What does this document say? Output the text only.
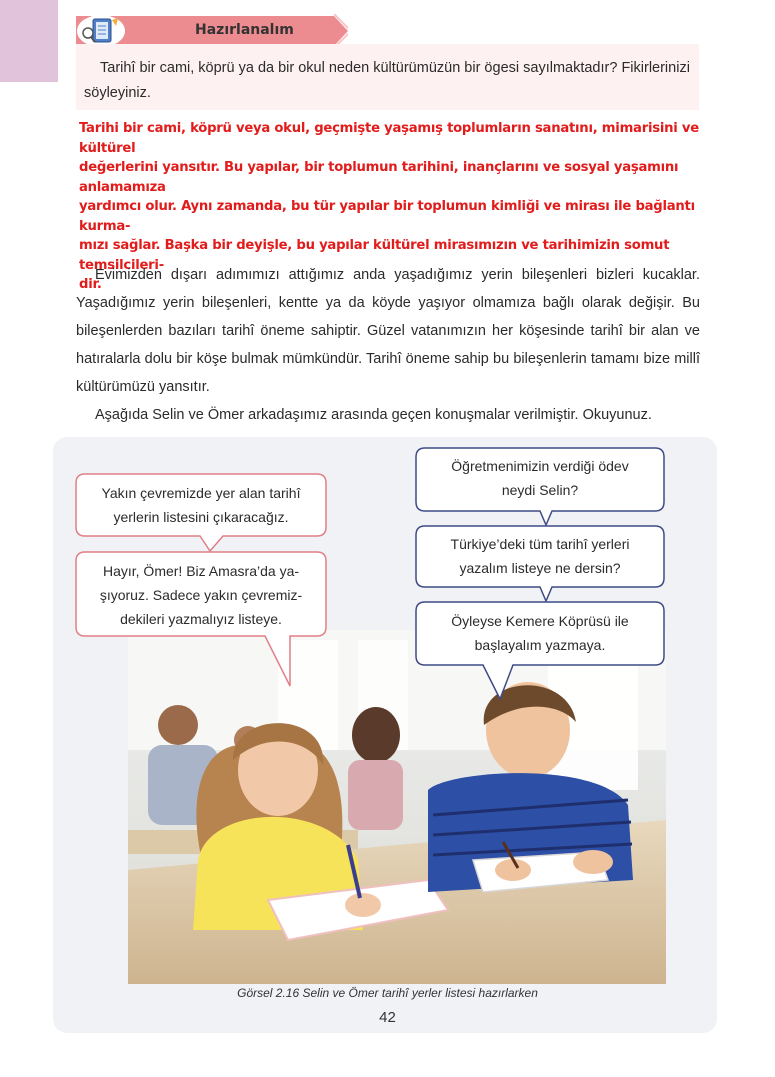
Hazırlanalım

Tarihî bir cami, köprü ya da bir okul neden kültürümüzün bir ögesi sayılmaktadır? Fikirlerinizi söyleyiniz.

Tarihi bir cami, köprü veya okul, geçmişte yaşamış toplumların sanatını, mimarisini ve kültürel
değerlerini yansıtır. Bu yapılar, bir toplumun tarihini, inançlarını ve sosyal yaşamını anlamamıza
yardımcı olur. Aynı zamanda, bu tür yapılar bir toplumun kimliği ve mirası ile bağlantı kurma-
mızı sağlar. Başka bir deyişle, bu yapılar kültürel mirasımızın ve tarihimizin somut temsilcileri-
dir.

Evimizden dışarı adımımızı attığımız anda yaşadığımız yerin bileşenleri bizleri kucaklar. Yaşadığımız yerin bileşenleri, kentte ya da köyde yaşıyor olmamıza bağlı olarak değişir. Bu bileşenlerden bazıları tarihî öneme sahiptir. Güzel vatanımızın her köşesinde tarihî bir alan ve hatıralarla dolu bir köşe bulmak mümkündür. Tarihî öneme sahip bu bileşenlerin tamamı bize millî kültürümüzü yansıtır.

Aşağıda Selin ve Ömer arkadaşımız arasında geçen konuşmalar verilmiştir. Okuyunuz.

Yakın çevremizde yer alan tarihî
yerlerin listesini çıkaracağız.
Hayır, Ömer! Biz Amasra’da ya-
şıyoruz. Sadece yakın çevremiz-
dekileri yazmalıyız listeye.
Öğretmenimizin verdiği ödev
neydi Selin?
Türkiye’deki tüm tarihî yerleri
yazalım listeye ne dersin?
Öyleyse Kemere Köprüsü ile
başlayalım yazmaya.
Görsel 2.16 Selin ve Ömer tarihî yerler listesi hazırlarken
42
